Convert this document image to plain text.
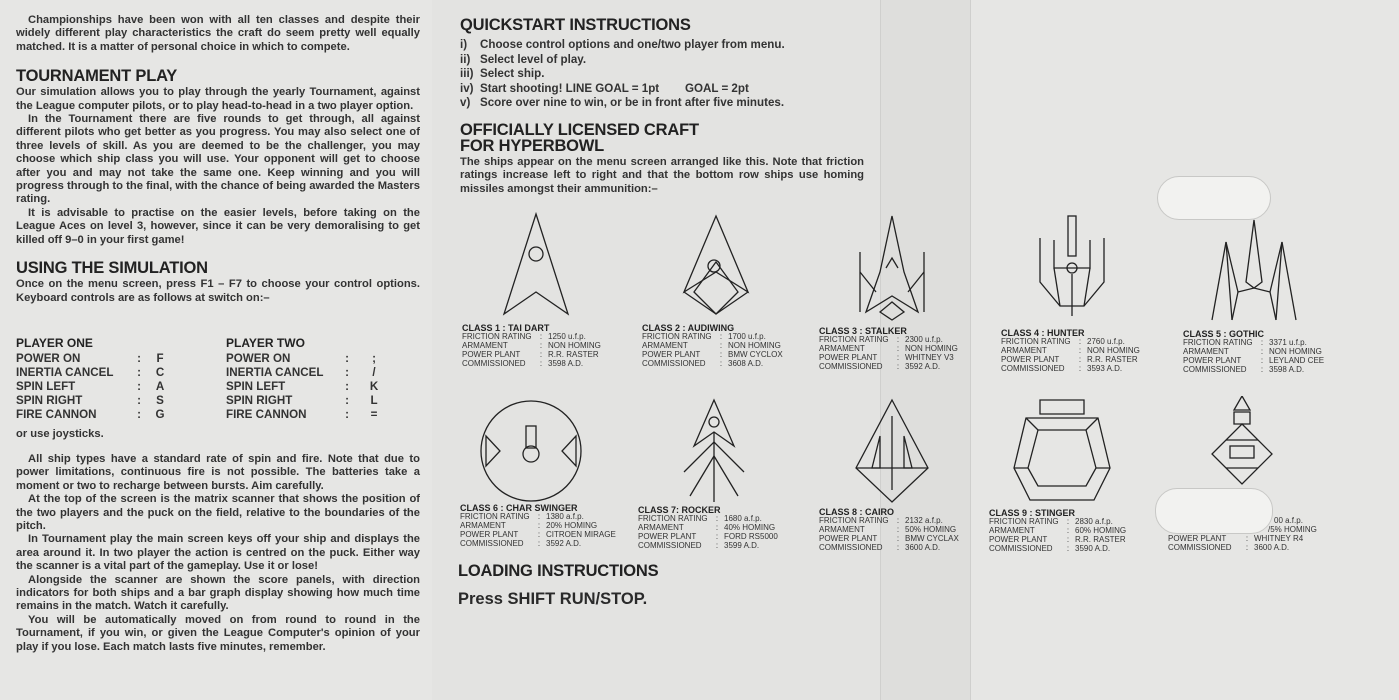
Championships have been won with all ten classes and despite their widely different play characteristics the craft do seem pretty well equally matched. It is a matter of personal choice in which to compete.

TOURNAMENT PLAY

Our simulation allows you to play through the yearly Tournament, against the League computer pilots, or to play head-to-head in a two player option.

In the Tournament there are five rounds to get through, all against different pilots who get better as you progress. You may also select one of three levels of skill. As you are deemed to be the challenger, you may choose which ship class you will use. Your opponent will get to choose after you and may not take the same one. Keep winning and you will progress through to the final, with the chance of being awarded the Masters rating.

It is advisable to practise on the easier levels, before taking on the League Aces on level 3, however, since it can be very demoralising to get killed off 9–0 in your first game!

USING THE SIMULATION

Once on the menu screen, press F1 – F7 to choose your control options. Keyboard controls are as follows at switch on:–

PLAYER ONE		
POWER ON	:	F
INERTIA CANCEL	:	C
SPIN LEFT	:	A
SPIN RIGHT	:	S
FIRE CANNON	:	G
PLAYER TWO		
POWER ON	:	;
INERTIA CANCEL	:	/
SPIN LEFT	:	K
SPIN RIGHT	:	L
FIRE CANNON	:	=

or use joysticks.

All ship types have a standard rate of spin and fire. Note that due to power limitations, continuous fire is not possible. The batteries take a moment or two to recharge between bursts. Aim carefully.

At the top of the screen is the matrix scanner that shows the position of the two players and the puck on the field, relative to the boundaries of the pitch.

In Tournament play the main screen keys off your ship and displays the area around it. In two player the action is centred on the puck. Either way the scanner is a vital part of the gameplay. Use it or lose!

Alongside the scanner are shown the score panels, with direction indicators for both ships and a bar graph display showing how much time remains in the match. Watch it carefully.

You will be automatically moved on from round to round in the Tournament, if you win, or given the League Computer's opinion of your play if you lose. Each match lasts five minutes, remember.

QUICKSTART INSTRUCTIONS
i) Choose control options and one/two player from menu.
ii) Select level of play.
iii) Select ship.
iv) Start shooting! LINE GOAL = 1pt        GOAL = 2pt
v) Score over nine to win, or be in front after five minutes.
OFFICIALLY LICENSED CRAFT
FOR HYPERBOWL

The ships appear on the menu screen arranged like this. Note that friction ratings increase left to right and that the bottom row ships use homing missiles amongst their ammunition:–

CLASS 1 : TAI DART
FRICTION RATING	: 1250 u.f.p.
ARMAMENT	: NON HOMING
POWER PLANT	: R.R. RASTER
COMMISSIONED	: 3598 A.D.
CLASS 2 : AUDIWING
FRICTION RATING	: 1700 u.f.p.
ARMAMENT	: NON HOMING
POWER PLANT	: BMW CYCLOX
COMMISSIONED	: 3608 A.D.
CLASS 3 : STALKER
FRICTION RATING	: 2300 u.f.p.
ARMAMENT	: NON HOMING
POWER PLANT	: WHITNEY V3
COMMISSIONED	: 3592 A.D.
CLASS 4 : HUNTER
FRICTION RATING	: 2760 u.f.p.
ARMAMENT	: NON HOMING
POWER PLANT	: R.R. RASTER
COMMISSIONED	: 3593 A.D.
CLASS 5 : GOTHIC
FRICTION RATING	: 3371 u.f.p.
ARMAMENT	: NON HOMING
POWER PLANT	: LEYLAND CEE
COMMISSIONED	: 3598 A.D.
CLASS 6 : CHAR SWINGER
FRICTION RATING	: 1380 a.f.p.
ARMAMENT	: 20% HOMING
POWER PLANT	: CITROEN MIRAGE
COMMISSIONED	: 3592 A.D.
CLASS 7: ROCKER
FRICTION RATING	: 1680 a.f.p.
ARMAMENT	: 40% HOMING
POWER PLANT	: FORD RS5000
COMMISSIONED	: 3599 A.D.
CLASS 8 : CAIRO
FRICTION RATING	: 2132 a.f.p.
ARMAMENT	: 50% HOMING
POWER PLANT	: BMW CYCLAX
COMMISSIONED	: 3600 A.D.
CLASS 9 : STINGER
FRICTION RATING	: 2830 a.f.p.
ARMAMENT	: 60% HOMING
POWER PLANT	: R.R. RASTER
COMMISSIONED	: 3590 A.D.
00 a.f.p.
/5% HOMING
POWER PLANT	: WHITNEY R4
COMMISSIONED	: 3600 A.D.
LOADING INSTRUCTIONS
Press SHIFT RUN/STOP.
